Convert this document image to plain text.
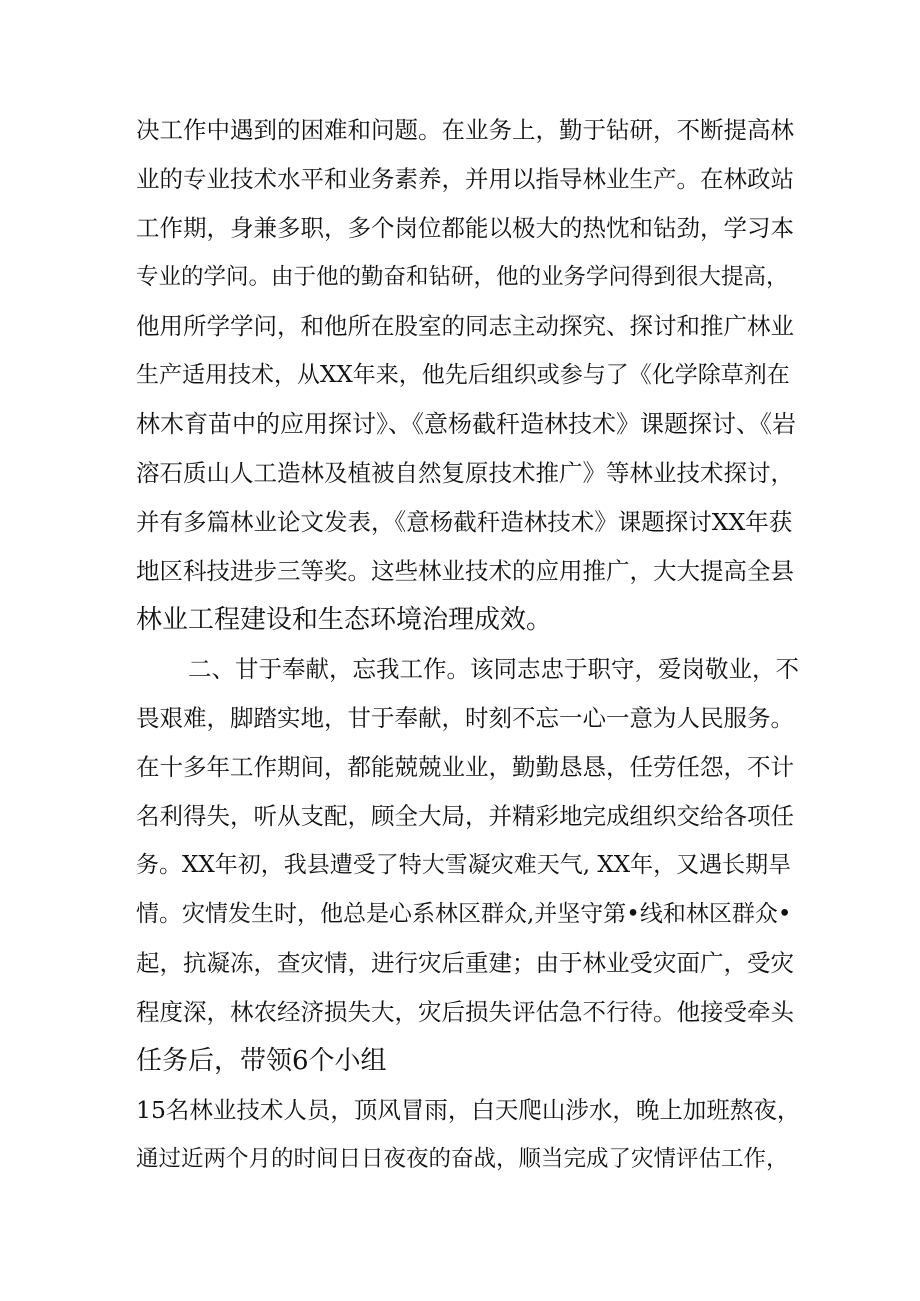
决工作中遇到的困难和问题。在业务上，勤于钻研，不断提高林
业的专业技术水平和业务素养，并用以指导林业生产。在林政站
工作期，身兼多职，多个岗位都能以极大的热忱和钻劲，学习本
专业的学问。由于他的勤奋和钻研，他的业务学问得到很大提高，
他用所学学问，和他所在股室的同志主动探究、探讨和推广林业
生产适用技术，从XX年来，他先后组织或参与了《化学除草剂在
林木育苗中的应用探讨》、《意杨截秆造林技术》课题探讨、《岩
溶石质山人工造林及植被自然复原技术推广》等林业技术探讨，
并有多篇林业论文发表，《意杨截秆造林技术》课题探讨XX年获
地区科技进步三等奖。这些林业技术的应用推广，大大提高全县
林业工程建设和生态环境治理成效。
二、甘于奉献，忘我工作。该同志忠于职守，爱岗敬业，不
畏艰难，脚踏实地，甘于奉献，时刻不忘一心一意为人民服务。
在十多年工作期间，都能兢兢业业，勤勤恳恳，任劳任怨，不计
名利得失，听从支配，顾全大局，并精彩地完成组织交给各项任
务。XX年初，我县遭受了特大雪凝灾难天气, XX年，又遇长期旱
情。灾情发生时，他总是心系林区群众,并坚守第•线和林区群众•
起，抗凝冻，查灾情，进行灾后重建；由于林业受灾面广，受灾
程度深，林农经济损失大，灾后损失评估急不行待。他接受牵头
任务后，带领6个小组
15名林业技术人员，顶风冒雨，白天爬山涉水，晚上加班熬夜，
通过近两个月的时间日日夜夜的奋战，顺当完成了灾情评估工作，
